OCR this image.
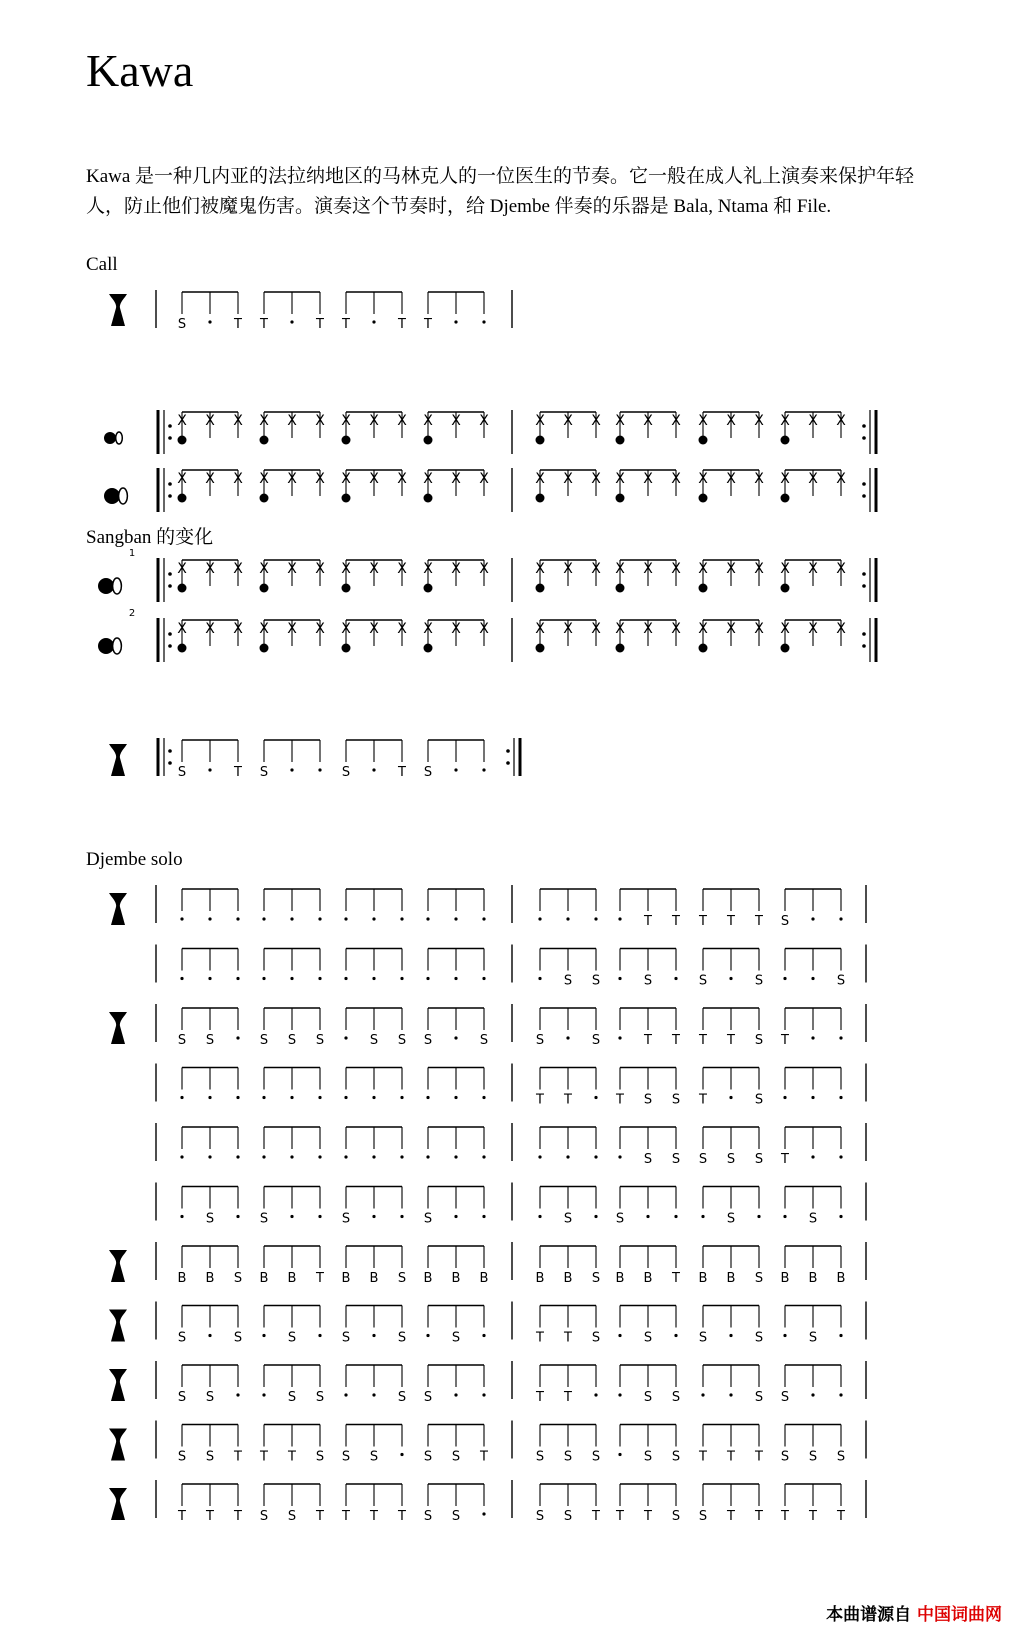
Kawa
Kawa 是一种几内亚的法拉纳地区的马林克人的一位医生的节奏。它一般在成人礼上演奏来保护年轻人，防止他们被魔鬼伤害。演奏这个节奏时，给 Djembe 伴奏的乐器是 Bala, Ntama 和 File.
Call
Sangban 的变化
Djembe solo
S	T T	T T	T T
X X X X X X X X X X X X	X X X X X X X X X X X X
X X X X X X X X X X X X	X X X X X X X X X X X X
1
X X X X X X X X X X X X	X X X X X X X X X X X X
2
X X X X X X X X X X X X	X X X X X X X X X X X X
S	T S	S	T S
T T T T T S
S S	S	S	S	S
S S	S S S	S S S	S	S	S	T T T T S T
T T	T S S T	S
S S S S S T
S	S	S	S	S	S	S	S
B B S B B T B B S B B B	B B S B B T B B S B B B
S	S	S	S	S	S	T T S	S	S	S	S
S S	S S	S S	T T	S S	S S
S S T T T S S S	S S T	S S S	S S T T T S S S
T T T S S T T T T S S	S S T T T S S T T T T T
本曲谱源自 中国词曲网
